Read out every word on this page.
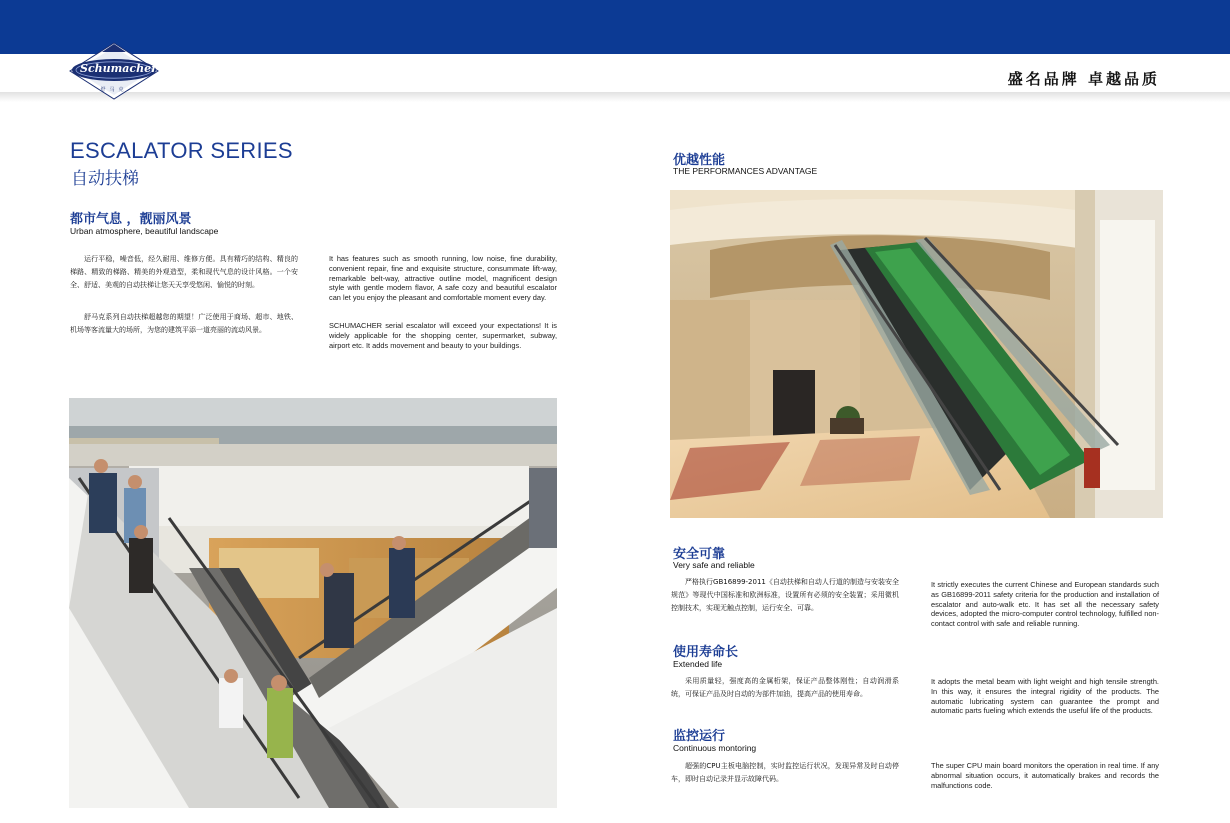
Schumacher
舒马克
盛名品牌 卓越品质
ESCALATOR SERIES
自动扶梯
都市气息 ，靓丽风景
Urban atmosphere, beautiful landscape
运行平稳，噪音低，经久耐用、维修方便。具有精巧的结构、精良的梯路、精致的梯路、精美的外观造型，柔和现代气息的设计风格。一个安全、舒适、美观的自动扶梯让您天天享受悠闲、愉悦的时刻。
舒马克系列自动扶梯超越您的期望！广泛使用于商场、超市、地铁、机场等客流量大的场所，为您的建筑平添一道亮丽的流动风景。
It has features such as smooth running, low noise, fine durability, convenient repair, fine and exquisite structure, consummate lift-way, remarkable belt-way, attractive outline model, magnificent design style with gentle modern flavor, A safe cozy and beautiful escalator can let you enjoy the pleasant and comfortable moment every day.
SCHUMACHER serial escalator will exceed your expectations! It is widely applicable for the shopping center, supermarket, subway, airport etc. It adds movement and beauty to your buildings.
优越性能
THE PERFORMANCES ADVANTAGE
安全可靠
Very safe and reliable
严格执行GB16899-2011《自动扶梯和自动人行道的制造与安装安全规范》等现代中国标准和欧洲标准，设置所有必须的安全装置；采用微机控制技术，实现无触点控制，运行安全、可靠。
It strictly executes the current Chinese and European standards such as GB16899-2011 safety criteria for the production and installation of escalator and auto-walk etc. It has set all the necessary safety devices, adopted the micro-computer control technology, fulfilled non-contact control with safe and reliable running.
使用寿命长
Extended life
采用质量轻，强度高的金属桁架，保证产品整体刚性；自动润滑系统，可保证产品及时自动的为部件加油，提高产品的使用寿命。
It adopts the metal beam with light weight and high tensile strength. In this way, it ensures the integral rigidity of the products. The automatic lubricating system can guarantee the prompt and automatic parts fueling which extends the useful life of the products.
监控运行
Continuous montoring
超强的CPU主板电脑控制，实时监控运行状况，发现异常及时自动停车，即时自动记录并显示故障代码。
The super CPU main board monitors the operation in real time. If any abnormal situation occurs, it automatically brakes and records the malfunctions code.
